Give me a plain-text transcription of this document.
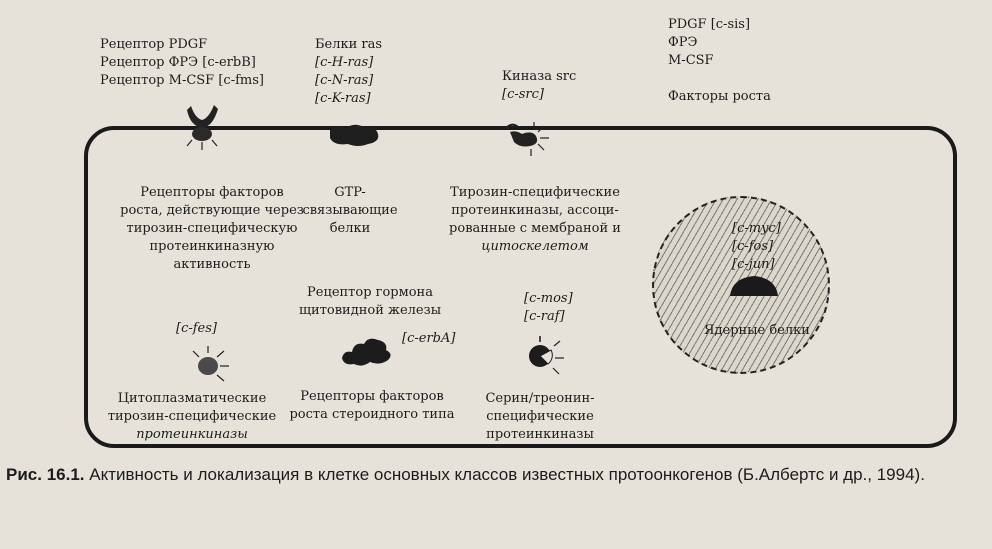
Рецептор PDGF
Рецептор ФРЭ [c-erbB]
Рецептор M-CSF [c-fms]
Белки ras
[c-H-ras]
[c-N-ras]
[c-K-ras]
Киназа src
[c-src]
PDGF [c-sis]
ФРЭ
M-CSF
Факторы роста
Рецепторы факторов
роста, действующие через
тирозин-специфическую
протеинкиназную
активность
GTP-
связывающие
белки
Тирозин-специфические
протеинкиназы, ассоци-
рованные с мембраной и
цитоскелетом
[c-fes]
Цитоплазматические
тирозин-специфические
протеинкиназы
Рецептор гормона
щитовидной железы
[c-erbA]
Рецепторы факторов
роста стероидного типа
[c-mos]
[c-raf]
Серин/треонин-
специфические
протеинкиназы
[c-myc]
[c-fos]
[c-jun]
Ядерные белки
Рис. 16.1. Активность и локализация в клетке основных классов известных протоонкогенов (Б.Албертс и др., 1994).
